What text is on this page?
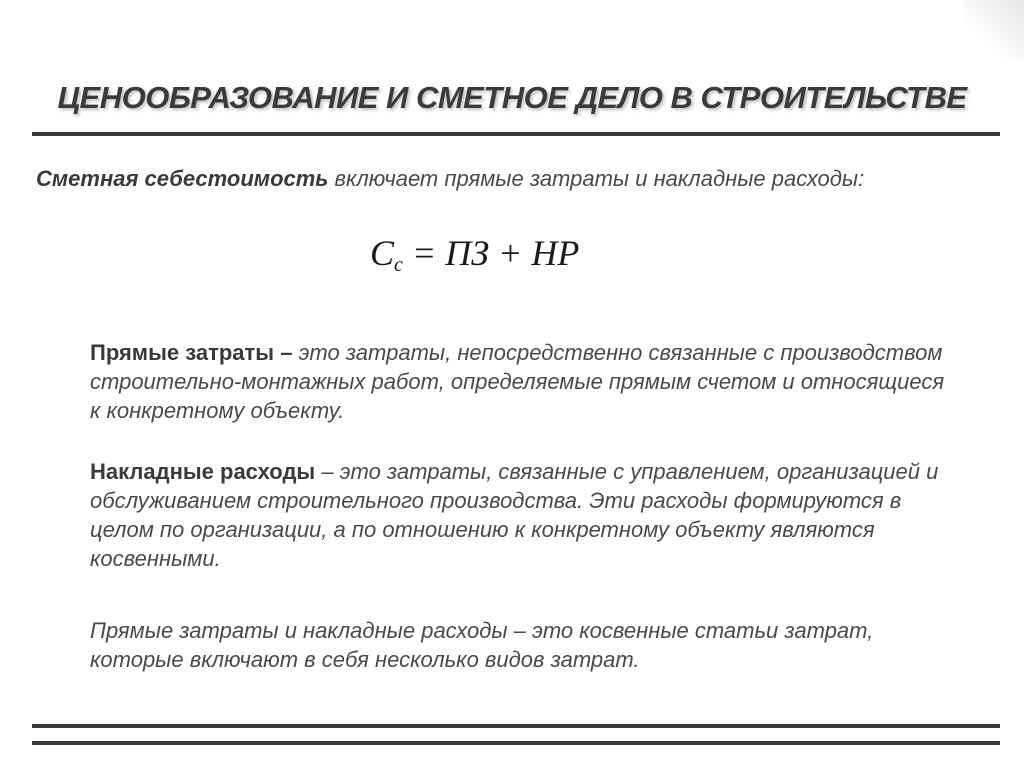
ЦЕНООБРАЗОВАНИЕ И СМЕТНОЕ ДЕЛО В СТРОИТЕЛЬСТВЕ
Сметная себестоимость включает прямые затраты и накладные расходы:
$C_с$ = ПЗ + НР
Прямые затраты – это затраты, непосредственно связанные с производством строительно-монтажных работ, определяемые прямым счетом и относящиеся к конкретному объекту.
Накладные расходы – это затраты, связанные с управлением, организацией и обслуживанием строительного производства. Эти расходы формируются в целом по организации, а по отношению к конкретному объекту являются косвенными.
Прямые затраты и накладные расходы – это косвенные статьи затрат, которые включают в себя несколько видов затрат.
